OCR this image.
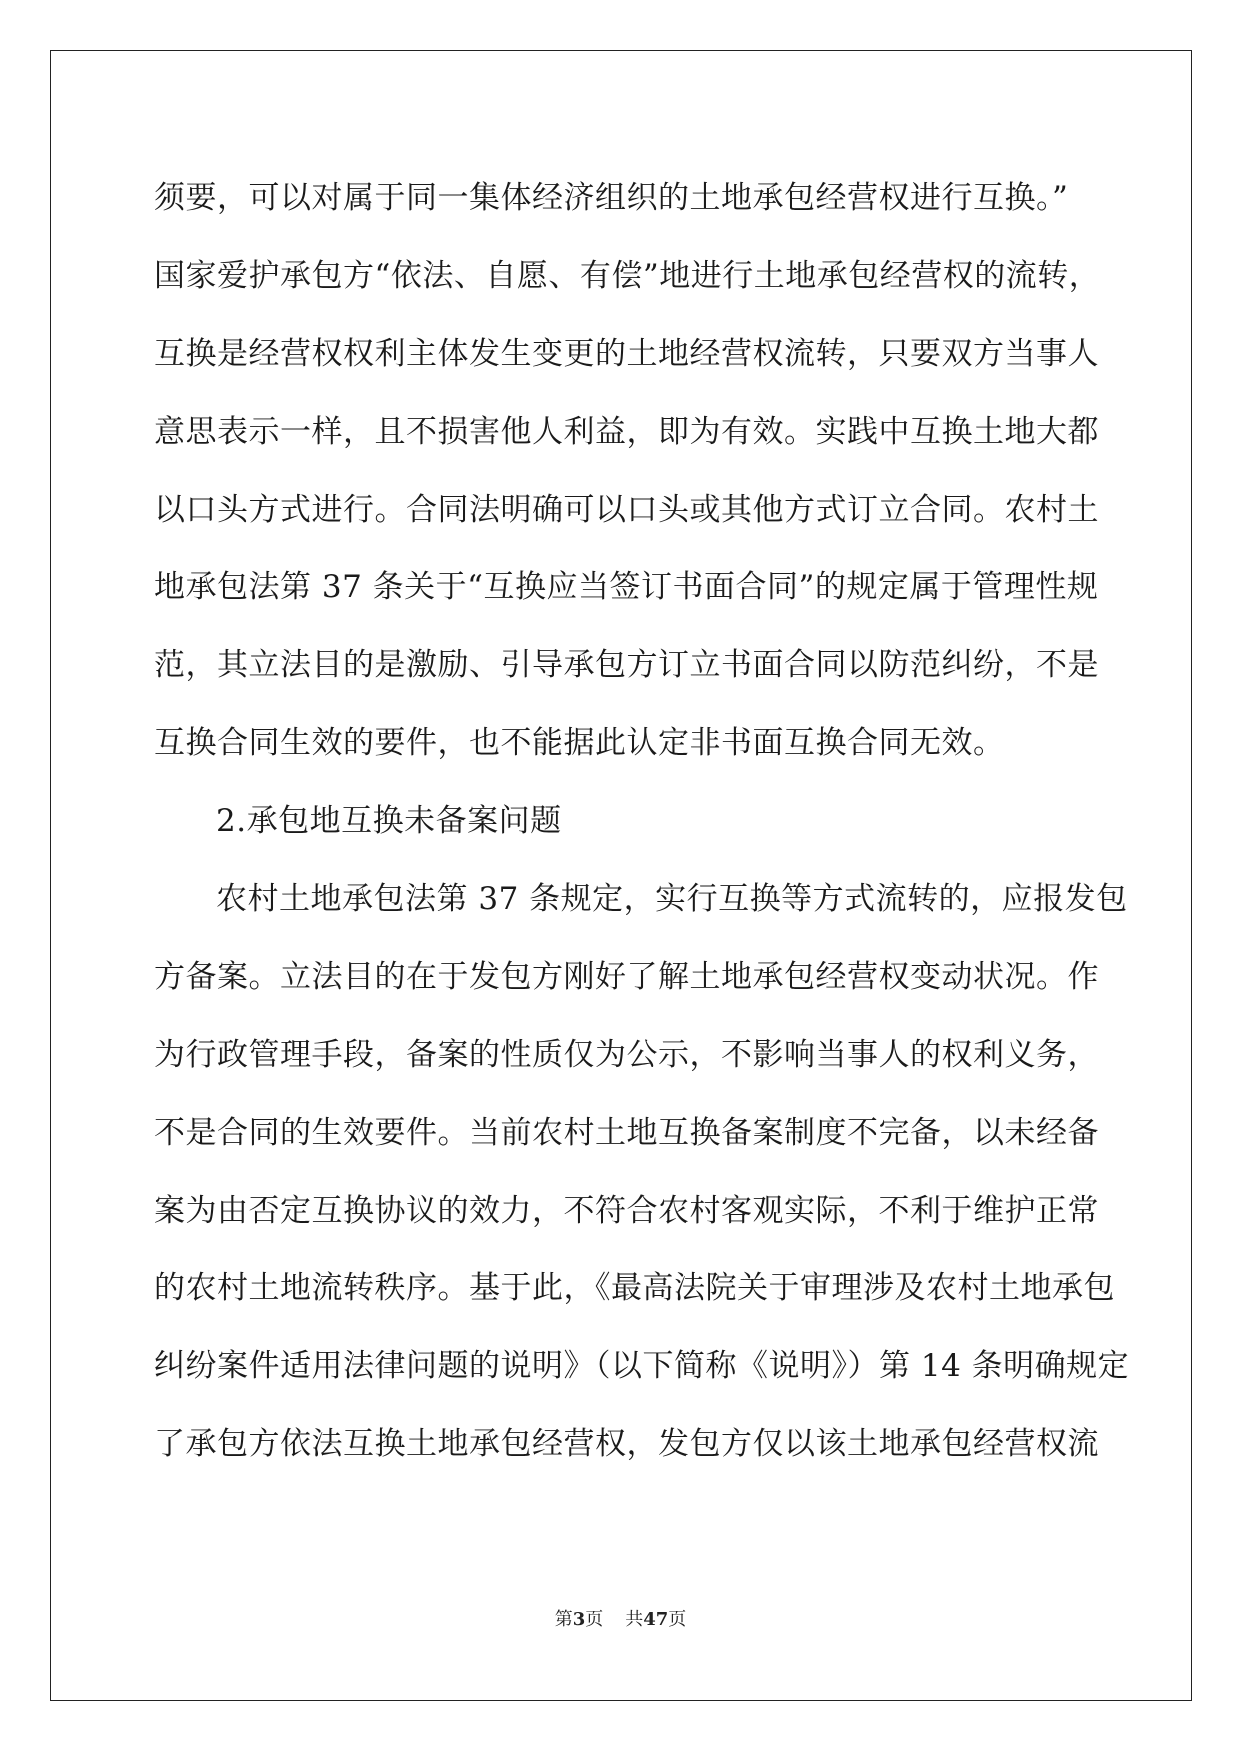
须要，可以对属于同一集体经济组织的土地承包经营权进行互换。”
国家爱护承包方“依法、自愿、有偿”地进行土地承包经营权的流转，
互换是经营权权利主体发生变更的土地经营权流转，只要双方当事人
意思表示一样，且不损害他人利益，即为有效。实践中互换土地大都
以口头方式进行。合同法明确可以口头或其他方式订立合同。农村土
地承包法第 37 条关于“互换应当签订书面合同”的规定属于管理性规
范，其立法目的是激励、引导承包方订立书面合同以防范纠纷，不是
互换合同生效的要件，也不能据此认定非书面互换合同无效。
2.承包地互换未备案问题
农村土地承包法第 37 条规定，实行互换等方式流转的，应报发包
方备案。立法目的在于发包方刚好了解土地承包经营权变动状况。作
为行政管理手段，备案的性质仅为公示，不影响当事人的权利义务，
不是合同的生效要件。当前农村土地互换备案制度不完备，以未经备
案为由否定互换协议的效力，不符合农村客观实际，不利于维护正常
的农村土地流转秩序。基于此，《最高法院关于审理涉及农村土地承包
纠纷案件适用法律问题的说明》（以下简称《说明》）第 14 条明确规定
了承包方依法互换土地承包经营权，发包方仅以该土地承包经营权流
第3页 共47页
